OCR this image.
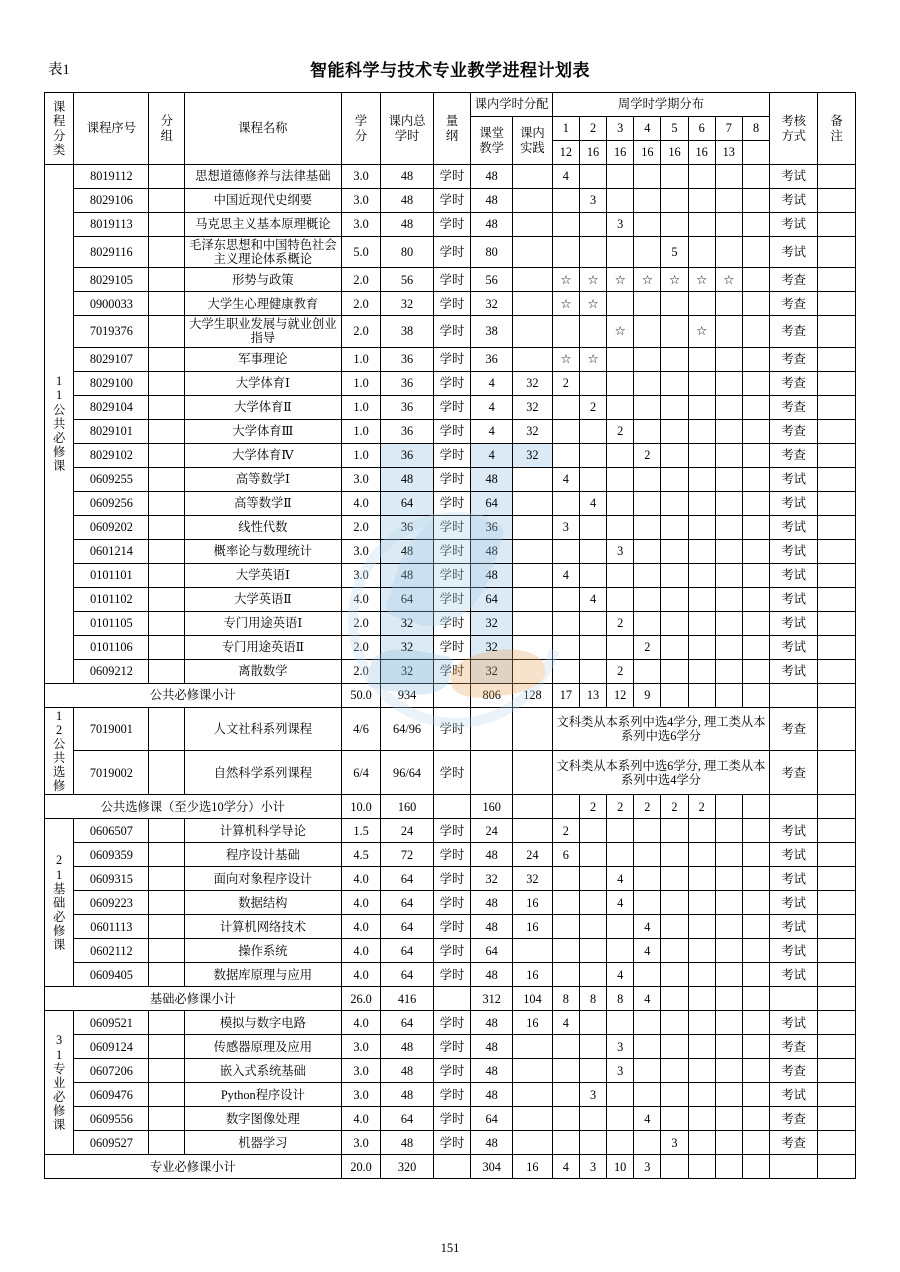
表1	智能科学与技术专业教学进程计划表
课
程
分
类	课程序号	分
组	课程名称	学
分	课内总
学时	量
纲	课内学时分配		周学时学期分布								考核
方式	备
注
							课堂
教学	课内
实践	1	2	3	4	5	6	7	8		
									12	16	16	16	16	16	13			
1
1
公
共
必
修
课	8019112		思想道德修养与法律基础	3.0	48	学时	48		4								考试	
	8029106		中国近现代史纲要	3.0	48	学时	48			3							考试	
	8019113		马克思主义基本原理概论	3.0	48	学时	48				3						考试	
	8029116		毛泽东思想和中国特色社会主义理论体系概论	5.0	80	学时	80						5				考试	
	8029105		形势与政策	2.0	56	学时	56		☆	☆	☆	☆	☆	☆	☆		考查	
	0900033		大学生心理健康教育	2.0	32	学时	32		☆	☆							考查	
	7019376		大学生职业发展与就业创业指导	2.0	38	学时	38				☆			☆			考查	
	8029107		军事理论	1.0	36	学时	36		☆	☆							考查	
	8029100		大学体育Ⅰ	1.0	36	学时	4	32	2								考查	
	8029104		大学体育Ⅱ	1.0	36	学时	4	32		2							考查	
	8029101		大学体育Ⅲ	1.0	36	学时	4	32			2						考查	
	8029102		大学体育Ⅳ	1.0	36	学时	4	32				2					考查	
	0609255		高等数学Ⅰ	3.0	48	学时	48		4								考试	
	0609256		高等数学Ⅱ	4.0	64	学时	64			4							考试	
	0609202		线性代数	2.0	36	学时	36		3								考试	
	0601214		概率论与数理统计	3.0	48	学时	48				3						考试	
	0101101		大学英语Ⅰ	3.0	48	学时	48		4								考试	
	0101102		大学英语Ⅱ	4.0	64	学时	64			4							考试	
	0101105		专门用途英语Ⅰ	2.0	32	学时	32				2						考试	
	0101106		专门用途英语Ⅱ	2.0	32	学时	32					2					考试	
	0609212		离散数学	2.0	32	学时	32				2						考试	
公共必修课小计				50.0	934		806	128	17	13	12	9						
1
2
公
共
选
修	7019001		人文社科系列课程	4/6	64/96	学时			文科类从本系列中选4学分, 理工类从本系列中选6学分	考查	
	7019002		自然科学系列课程	6/4	96/64	学时			文科类从本系列中选6学分, 理工类从本系列中选4学分								考查	
公共选修课（至少选10学分）小计				10.0	160		160			2	2	2	2	2				
2
1
基
础
必
修
课	0606507		计算机科学导论	1.5	24	学时	24		2								考试	
	0609359		程序设计基础	4.5	72	学时	48	24	6								考试	
	0609315		面向对象程序设计	4.0	64	学时	32	32			4						考试	
	0609223		数据结构	4.0	64	学时	48	16			4						考试	
	0601113		计算机网络技术	4.0	64	学时	48	16				4					考试	
	0602112		操作系统	4.0	64	学时	64					4					考试	
	0609405		数据库原理与应用	4.0	64	学时	48	16			4						考试	
基础必修课小计				26.0	416		312	104	8	8	8	4						
3
1
专
业
必
修
课	0609521		模拟与数字电路	4.0	64	学时	48	16	4								考试	
	0609124		传感器原理及应用	3.0	48	学时	48				3						考查	
	0607206		嵌入式系统基础	3.0	48	学时	48				3						考查	
	0609476		Python程序设计	3.0	48	学时	48			3							考试	
	0609556		数字图像处理	4.0	64	学时	64					4					考查	
	0609527		机器学习	3.0	48	学时	48						3				考查	
专业必修课小计				20.0	320		304	16	4	3	10	3						
151
